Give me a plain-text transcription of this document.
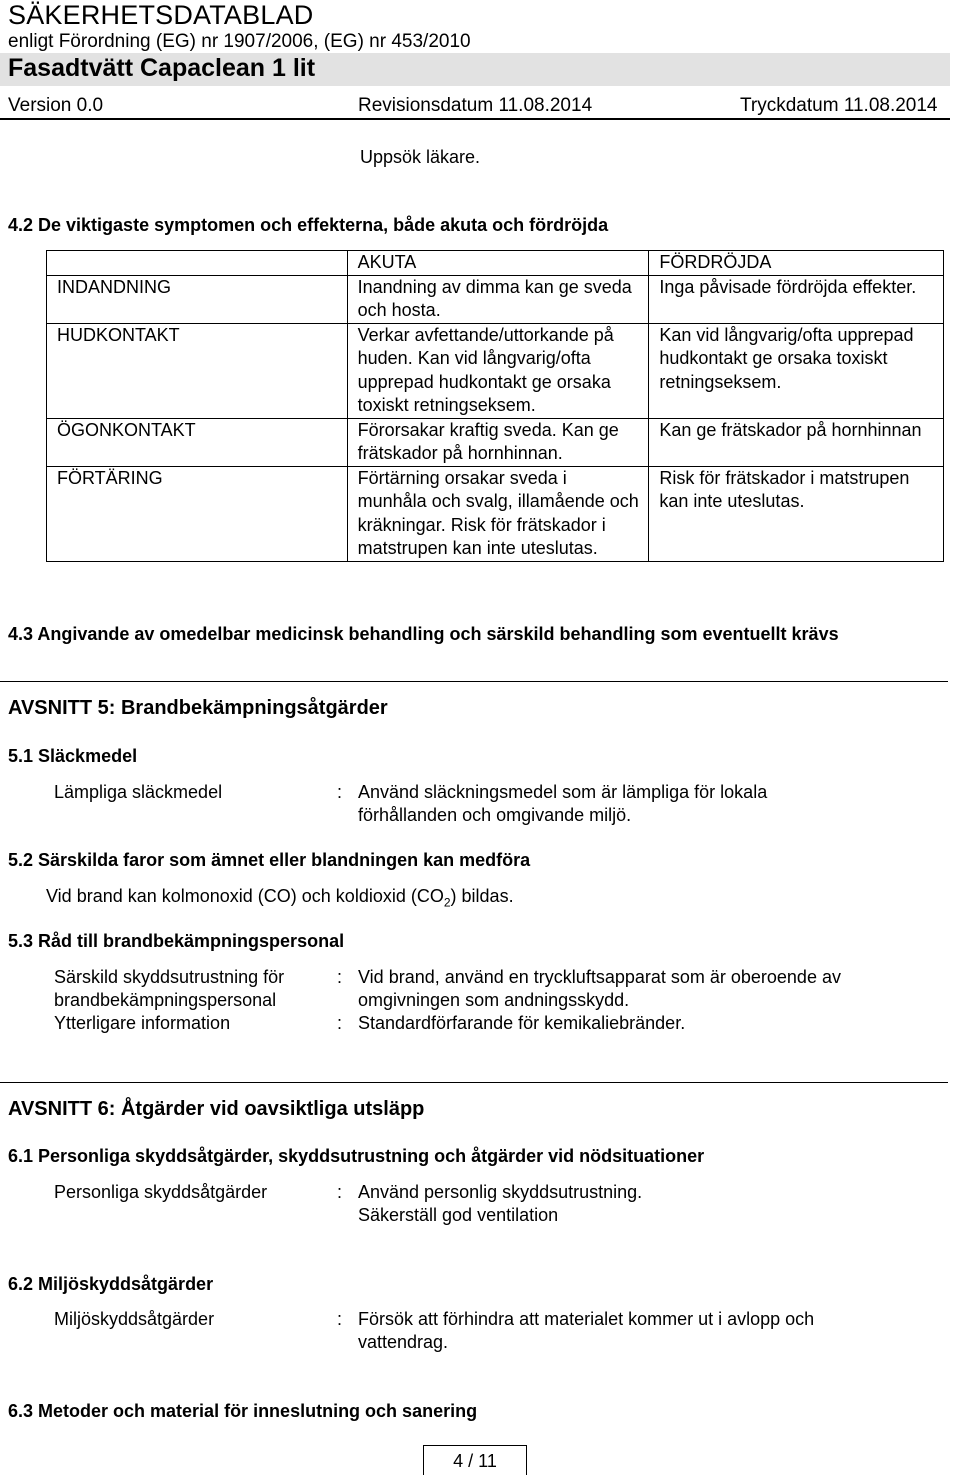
SÄKERHETSDATABLAD
enligt Förordning (EG) nr 1907/2006, (EG) nr 453/2010
Fasadtvätt Capaclean 1 lit
Version 0.0	Revisionsdatum 11.08.2014	Tryckdatum 11.08.2014
Uppsök läkare.
4.2 De viktigaste symptomen och effekterna, både akuta och fördröjda
	AKUTA	FÖRDRÖJDA
INDANDNING	Inandning av dimma kan ge sveda och hosta.	Inga påvisade fördröjda effekter.
HUDKONTAKT	Verkar avfettande/uttorkande på huden. Kan vid långvarig/ofta upprepad hudkontakt ge orsaka toxiskt retningseksem.	Kan vid långvarig/ofta upprepad hudkontakt ge orsaka toxiskt retningseksem.
ÖGONKONTAKT	Förorsakar kraftig sveda. Kan ge frätskador på hornhinnan.	Kan ge frätskador på hornhinnan
FÖRTÄRING	Förtärning orsakar sveda i munhåla och svalg, illamående och kräkningar. Risk för frätskador i matstrupen kan inte uteslutas.	Risk för frätskador i matstrupen kan inte uteslutas.
4.3 Angivande av omedelbar medicinsk behandling och särskild behandling som eventuellt krävs
AVSNITT 5: Brandbekämpningsåtgärder
5.1 Släckmedel
Lämpliga släckmedel	: Använd släckningsmedel som är lämpliga för lokala
förhållanden och omgivande miljö.
5.2 Särskilda faror som ämnet eller blandningen kan medföra
Vid brand kan kolmonoxid (CO) och koldioxid $(CO_2)$ bildas.
5.3 Råd till brandbekämpningspersonal
Särskild skyddsutrustning för
brandbekämpningspersonal
: Vid brand, använd en tryckluftsapparat som är oberoende av
omgivningen som andningsskydd.
Ytterligare information	: Standardförfarande för kemikaliebränder.
AVSNITT 6: Åtgärder vid oavsiktliga utsläpp
6.1 Personliga skyddsåtgärder, skyddsutrustning och åtgärder vid nödsituationer
Personliga skyddsåtgärder	: Använd personlig skyddsutrustning.
Säkerställ god ventilation
6.2 Miljöskyddsåtgärder
Miljöskyddsåtgärder	: Försök att förhindra att materialet kommer ut i avlopp och
vattendrag.
6.3 Metoder och material för inneslutning och sanering
4 / 11
